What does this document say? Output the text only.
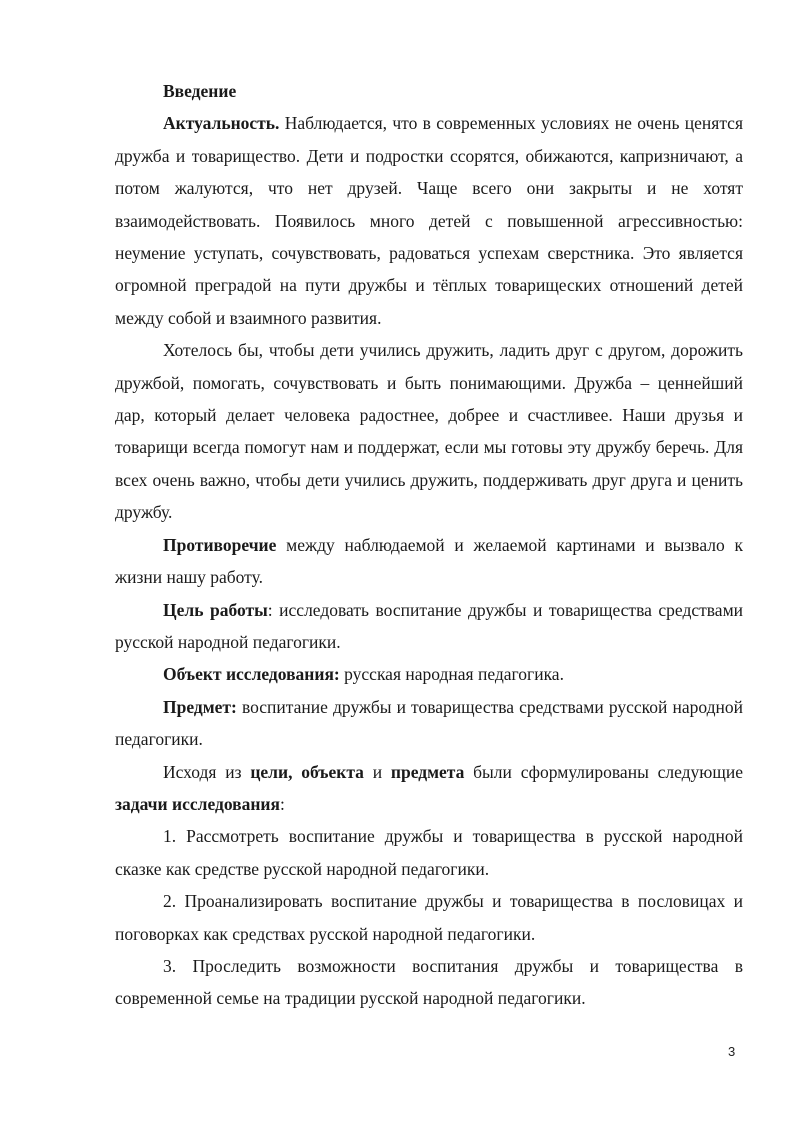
Введение

Актуальность. Наблюдается, что в современных условиях не очень ценятся дружба и товарищество. Дети и подростки ссорятся, обижаются, капризничают, а потом жалуются, что нет друзей. Чаще всего они закрыты и не хотят взаимодействовать. Появилось много детей с повышенной агрессивностью: неумение уступать, сочувствовать, радоваться успехам сверстника. Это является огромной преградой на пути дружбы и тёплых товарищеских отношений детей между собой и взаимного развития.

Хотелось бы, чтобы дети учились дружить, ладить друг с другом, дорожить дружбой, помогать, сочувствовать и быть понимающими. Дружба – ценнейший дар, который делает человека радостнее, добрее и счастливее. Наши друзья и товарищи всегда помогут нам и поддержат, если мы готовы эту дружбу беречь. Для всех очень важно, чтобы дети учились дружить, поддерживать друг друга и ценить дружбу.

Противоречие между наблюдаемой и желаемой картинами и вызвало к жизни нашу работу.

Цель работы: исследовать воспитание дружбы и товарищества средствами русской народной педагогики.

Объект исследования: русская народная педагогика.

Предмет: воспитание дружбы и товарищества средствами русской народной педагогики.

Исходя из цели, объекта и предмета были сформулированы следующие задачи исследования:

1. Рассмотреть воспитание дружбы и товарищества в русской народной сказке как средстве русской народной педагогики.

2. Проанализировать воспитание дружбы и товарищества в пословицах и поговорках как средствах русской народной педагогики.

3. Проследить возможности воспитания дружбы и товарищества в современной семье на традиции русской народной педагогики.

3
